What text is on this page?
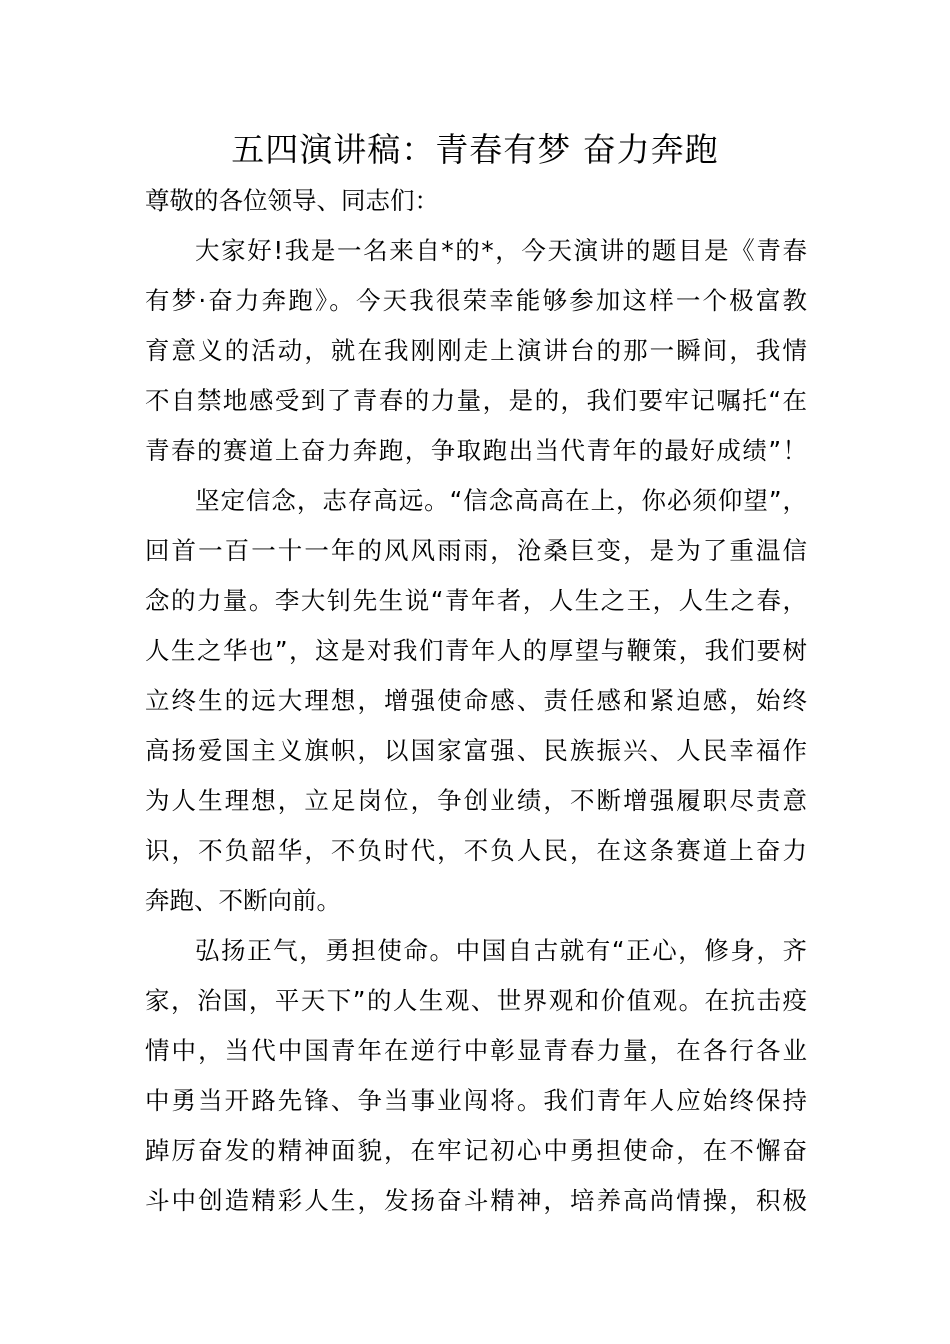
五四演讲稿：青春有梦 奋力奔跑
尊敬的各位领导、同志们：
大家好!我是一名来自*的*，今天演讲的题目是《青春
有梦·奋力奔跑》。今天我很荣幸能够参加这样一个极富教
育意义的活动，就在我刚刚走上演讲台的那一瞬间，我情
不自禁地感受到了青春的力量，是的，我们要牢记嘱托“在
青春的赛道上奋力奔跑，争取跑出当代青年的最好成绩”！
坚定信念，志存高远。“信念高高在上，你必须仰望”，
回首一百一十一年的风风雨雨，沧桑巨变，是为了重温信
念的力量。李大钊先生说“青年者，人生之王，人生之春，
人生之华也”，这是对我们青年人的厚望与鞭策，我们要树
立终生的远大理想，增强使命感、责任感和紧迫感，始终
高扬爱国主义旗帜，以国家富强、民族振兴、人民幸福作
为人生理想，立足岗位，争创业绩，不断增强履职尽责意
识，不负韶华，不负时代，不负人民，在这条赛道上奋力
奔跑、不断向前。
弘扬正气，勇担使命。中国自古就有“正心，修身，齐
家，治国，平天下”的人生观、世界观和价值观。在抗击疫
情中，当代中国青年在逆行中彰显青春力量，在各行各业
中勇当开路先锋、争当事业闯将。我们青年人应始终保持
踔厉奋发的精神面貌，在牢记初心中勇担使命，在不懈奋
斗中创造精彩人生，发扬奋斗精神，培养高尚情操，积极
